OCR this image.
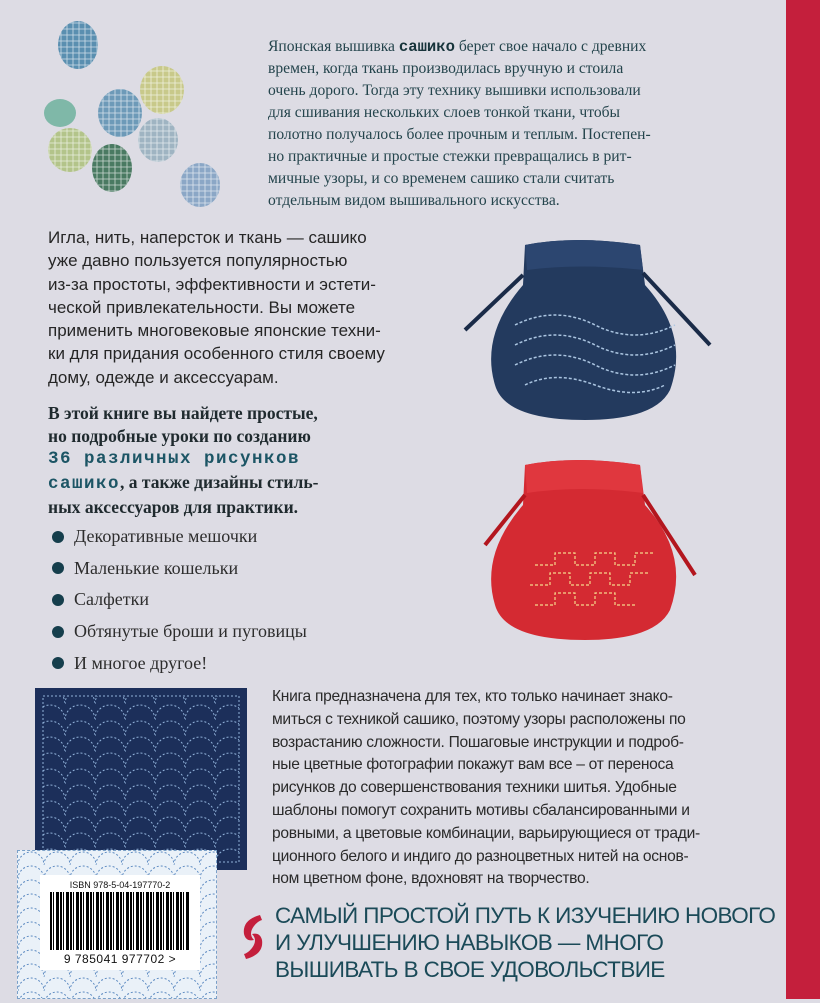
Японская вышивка сашико берет свое начало с древних
времен, когда ткань производилась вручную и стоила
очень дорого. Тогда эту технику вышивки использовали
для сшивания нескольких слоев тонкой ткани, чтобы
полотно получалось более прочным и теплым. Постепен-
но практичные и простые стежки превращались в рит-
мичные узоры, и со временем сашико стали считать
отдельным видом вышивального искусства.
Игла, нить, наперсток и ткань — сашико
уже давно пользуется популярностью
из-за простоты, эффективности и эстети-
ческой привлекательности. Вы можете
применить многовековые японские техни-
ки для придания особенного стиля своему
дому, одежде и аксессуарам.
В этой книге вы найдете простые,
но подробные уроки по созданию
36 различных рисунков
сашико, а также дизайны стиль-
ных аксессуаров для практики.
Декоративные мешочки
Маленькие кошельки
Салфетки
Обтянутые броши и пуговицы
И многое другое!
ISBN 978-5-04-197770-2
9 785041 977702 >
Книга предназначена для тех, кто только начинает знако-
миться с техникой сашико, поэтому узоры расположены по
возрастанию сложности. Пошаговые инструкции и подроб-
ные цветные фотографии покажут вам все – от переноса
рисунков до совершенствования техники шитья. Удобные
шаблоны помогут сохранить мотивы сбалансированными и
ровными, а цветовые комбинации, варьирующиеся от тради-
ционного белого и индиго до разноцветных нитей на основ-
ном цветном фоне, вдохновят на творчество.
САМЫЙ ПРОСТОЙ ПУТЬ К ИЗУЧЕНИЮ НОВОГО
И УЛУЧШЕНИЮ НАВЫКОВ — МНОГО
ВЫШИВАТЬ В СВОЕ УДОВОЛЬСТВИЕ
